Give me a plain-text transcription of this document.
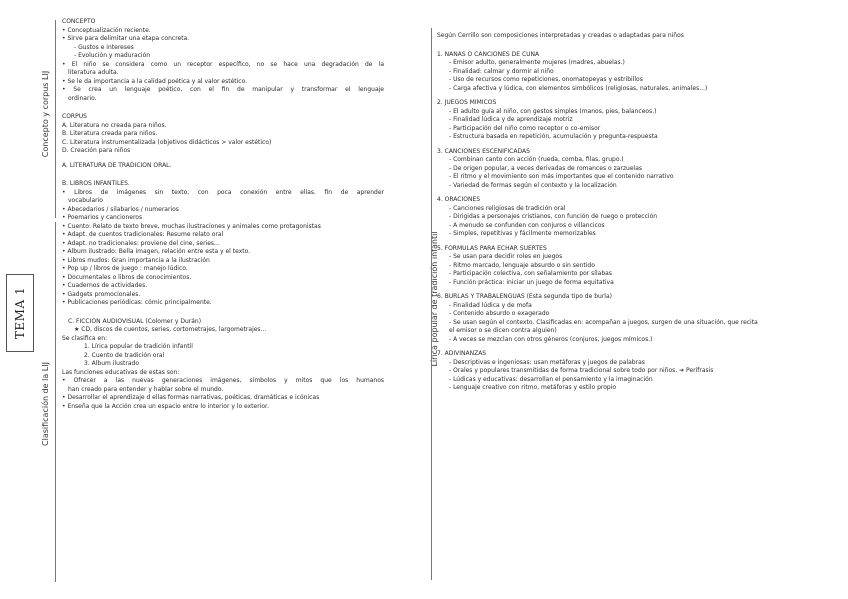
TEMA 1
Concepto y corpus LIJ
Clasificación de la LIJ
Lírica popular de tradición infantil
CONCEPTO
• Conceptualización reciente.
• Sirve para delimitar una etapa concreta.
- Gustos e intereses
- Evolución y maduración
• El niño se considera como un receptor específico, no se hace una degradación de la
literatura adulta.
• Se le da importancia a la calidad poética y al valor estético.
• Se crea un lenguaje poético, con el fin de manipular y transformar el lenguaje
ordinario.
CORPUS
A. Literatura no creada para niños.
B. Literatura creada para niños.
C. Literatura instrumentalizada (objetivos didácticos > valor estético)
D. Creación para niños
A. LITERATURA DE TRADICIÓN ORAL.
B. LIBROS INFANTILES.
• Libros de imágenes sin texto, con poca conexión entre ellas. fin de aprender
vocabulario
• Abecedarios / silabarios / numerarios
• Poemarios y cancioneros
• Cuento: Relato de texto breve, muchas ilustraciones y animales como protagonistas
• Adapt. de cuentos tradicionales: Resume relato oral
• Adapt. no tradicionales: proviene del cine, series...
• Álbum ilustrado: Bella imagen, relación entre esta y el texto.
• Libros mudos: Gran importancia a la ilustración
• Pop up / libros de juego : manejo lúdico.
• Documentales o libros de conocimientos.
• Cuadernos de actividades.
• Gadgets promocionales.
• Publicaciones periódicas: cómic principalmente.
C. FICCIÓN AUDIOVISUAL (Colomer y Durán)
★ CD, discos de cuentos, series, cortometrajes, largometrajes...
Se clasifica en:
1. Lírica popular de tradición infantil
2. Cuento de tradición oral
3. Álbum ilustrado
Las funciones educativas de estas son:
• Ofrecer a las nuevas generaciones imágenes, símbolos y mitos que los humanos
han creado para entender y hablar sobre el mundo.
• Desarrollar el aprendizaje d ellas formas narrativas, poéticas, dramáticas e icónicas
• Enseña que la Acción crea un espacio entre lo interior y lo exterior.
Según Cerrillo son composiciones interpretadas y creadas o adaptadas para niños
1. NANAS O CANCIONES DE CUNA
- Emisor adulto, generalmente mujeres (madres, abuelas.)
- Finalidad: calmar y dormir al niño
- Uso de recursos como repeticiones, onomatopeyas y estribillos
- Carga afectiva y lúdica, con elementos simbólicos (religiosas, naturales, animales...)
2. JUEGOS MÍMICOS
- El adulto guía al niño, con gestos simples (manos, pies, balanceos.)
- Finalidad lúdica y de aprendizaje motriz
- Participación del niño como receptor o co-emisor
- Estructura basada en repetición, acumulación y pregunta-respuesta
3. CANCIONES ESCENIFICADAS
- Combinan canto con acción (rueda, comba, filas, grupo.)
- De origen popular, a veces derivadas de romances o zarzuelas
- El ritmo y el movimiento son más importantes que el contenido narrativo
- Variedad de formas según el contexto y la localización
4. ORACIONES
- Canciones religiosas de tradición oral
- Dirigidas a personajes cristianos, con función de ruego o protección
- A menudo se confunden con conjuros o villancicos
- Simples, repetitivas y fácilmente memorizables
5. FÓRMULAS PARA ECHAR SUERTES
- Se usan para decidir roles en juegos
- Ritmo marcado, lenguaje absurdo o sin sentido
- Participación colectiva, con señalamiento por sílabas
- Función práctica: iniciar un juego de forma equitativa
6. BURLAS Y TRABALENGUAS (Esta segunda tipo de burla)
- Finalidad lúdica y de mofa
- Contenido absurdo o exagerado
- Se usan según el contexto. Clasificadas en: acompañan a juegos, surgen de una situación, que recita
el emisor o se dicen contra alguien)
- A veces se mezclan con otros géneros (conjuros, juegos mímicos.)
7. ADIVINANZAS
- Descriptivas e ingeniosas: usan metáforas y juegos de palabras
- Orales y populares transmitidas de forma tradicional sobre todo por niños. ➔ Perífrasis
- Lúdicas y educativas: desarrollan el pensamiento y la imaginación
- Lenguaje creativo con ritmo, metáforas y estilo propio
